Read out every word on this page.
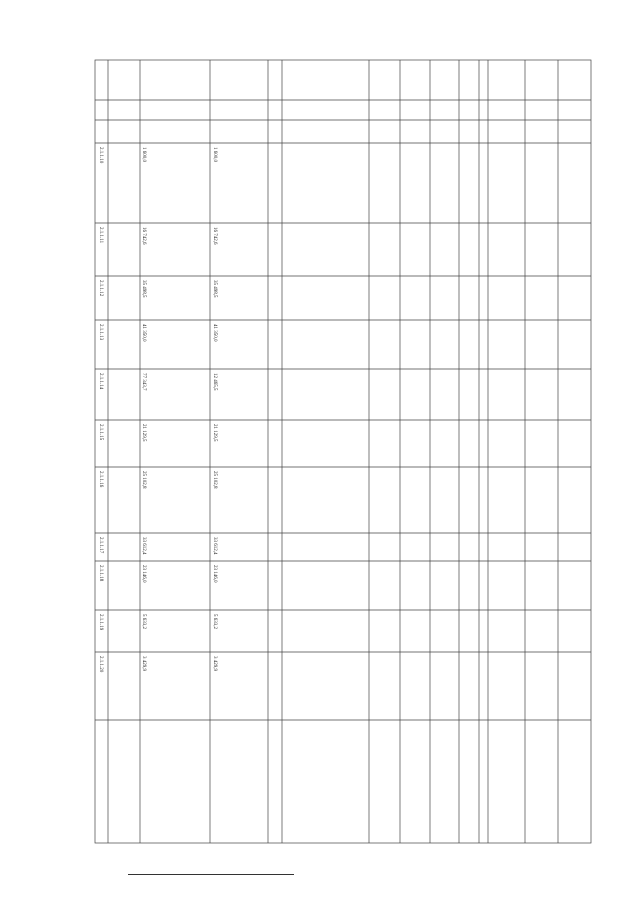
2.1.1.10	1 600,0	1 600,0
2.1.1.11	16 742,6	16 742,6
2.1.1.12	35 498,5	35 498,5
2.1.1.13	41 350,0	41 350,0
2.1.1.14	77 343,7	12 465,5
2.1.1.15	21 129,5	21 129,5
2.1.1.16	25 102,8	25 102,8
2.1.1.17	33 612,4	33 612,4
2.1.1.18	23 146,0	23 146,0
2.1.1.19	5 633,2	5 633,2
2.1.1.20	3 429,9	3 429,9
